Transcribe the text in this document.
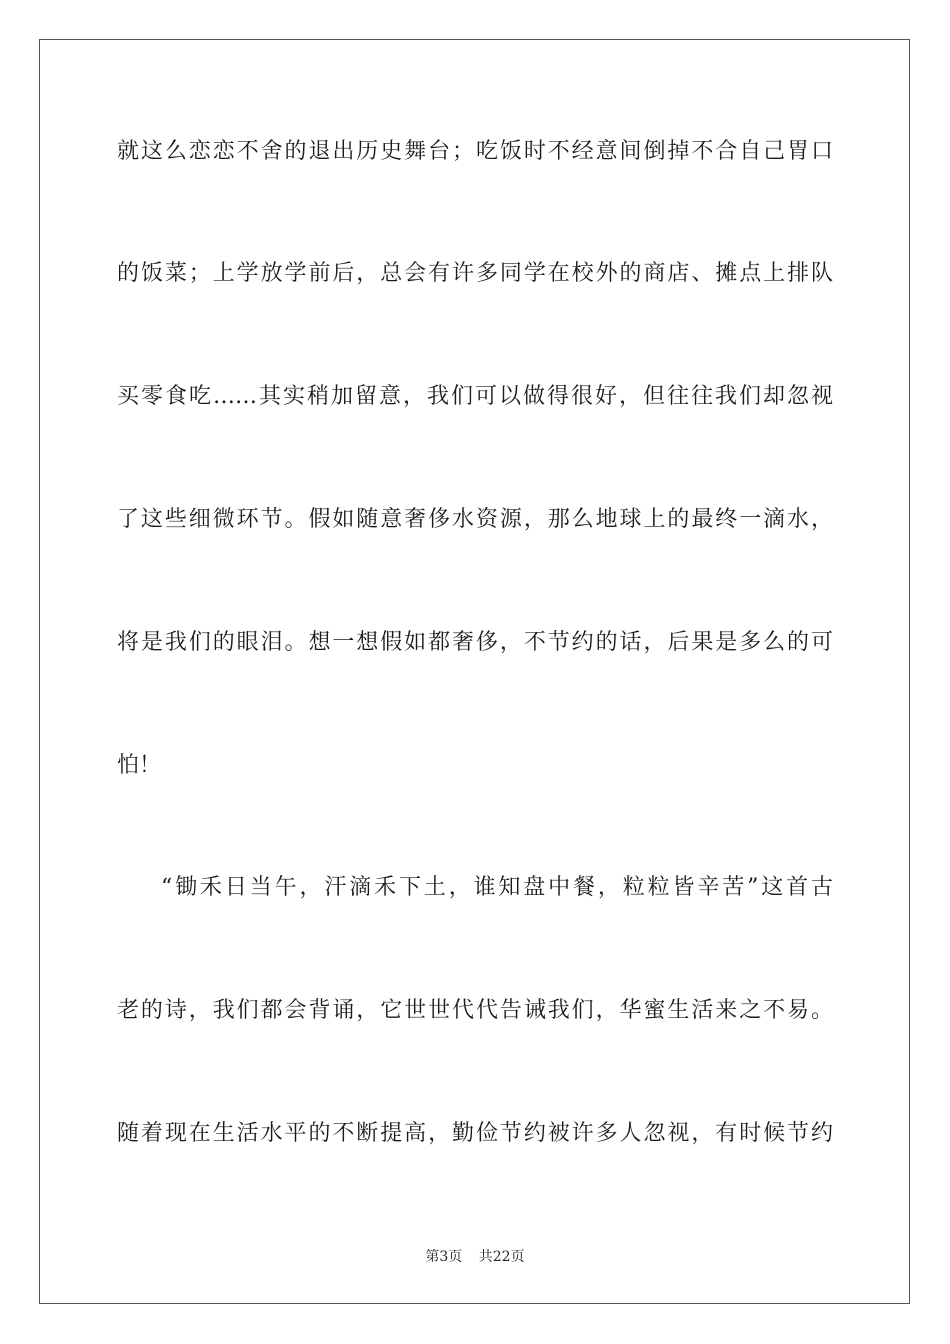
就这么恋恋不舍的退出历史舞台；吃饭时不经意间倒掉不合自己胃口
的饭菜；上学放学前后，总会有许多同学在校外的商店、摊点上排队
买零食吃……其实稍加留意，我们可以做得很好，但往往我们却忽视
了这些细微环节。假如随意奢侈水资源，那么地球上的最终一滴水，
将是我们的眼泪。想一想假如都奢侈，不节约的话，后果是多么的可
怕！
“锄禾日当午，汗滴禾下土，谁知盘中餐，粒粒皆辛苦”这首古
老的诗，我们都会背诵，它世世代代告诫我们，华蜜生活来之不易。
随着现在生活水平的不断提高，勤俭节约被许多人忽视，有时候节约
第3页 共22页
